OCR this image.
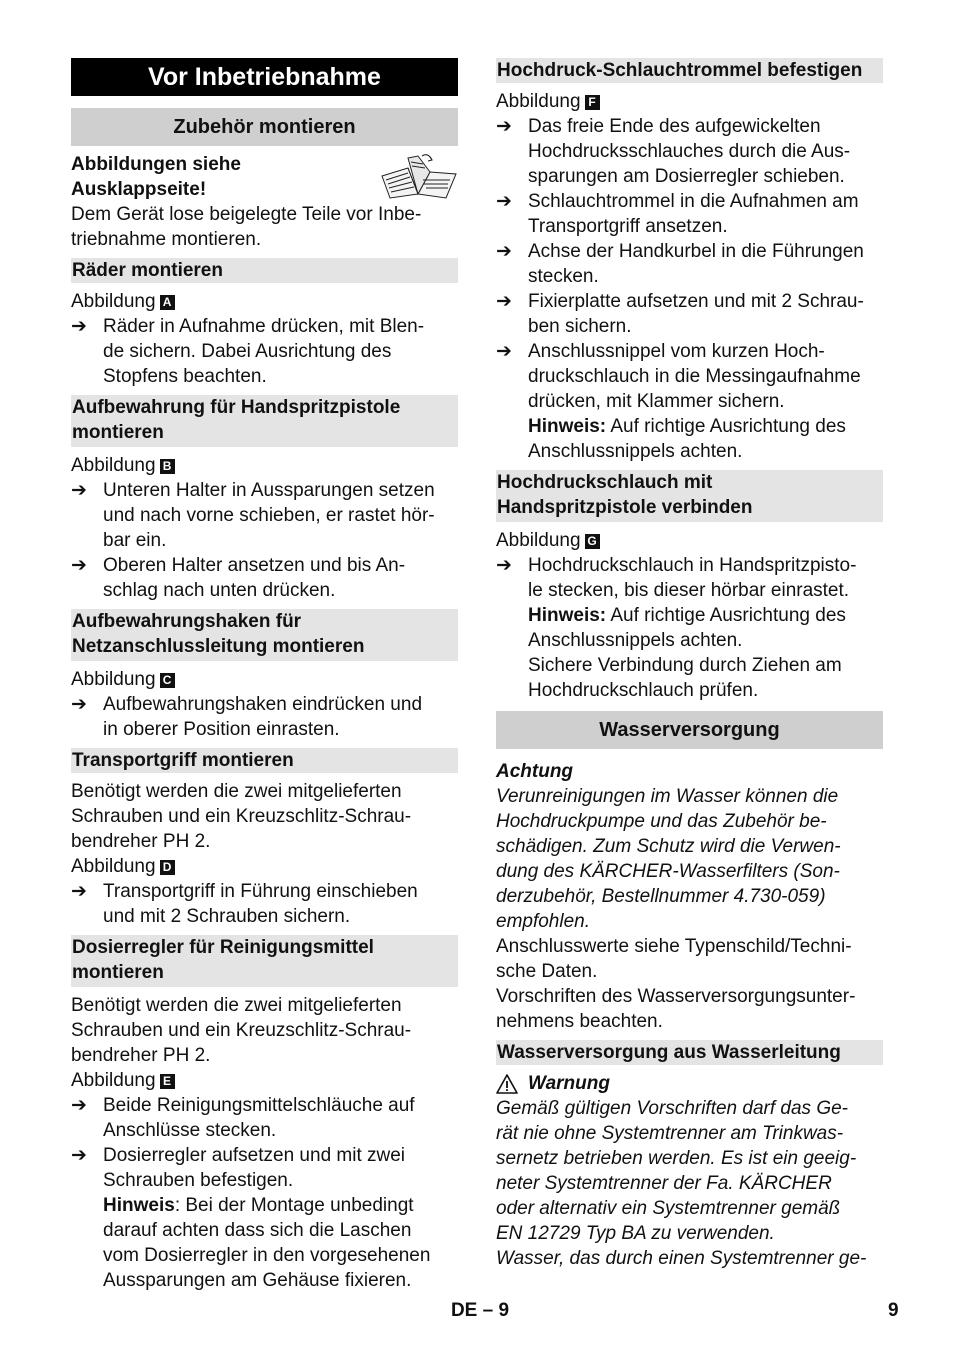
Vor Inbetriebnahme
Zubehör montieren

Abbildungen siehe

Ausklappseite!

Dem Gerät lose beigelegte Teile vor Inbe-

triebnahme montieren.

Räder montieren

Abbildung A

➔ Räder in Aufnahme drücken, mit Blen-

de sichern. Dabei Ausrichtung des

Stopfens beachten.

Aufbewahrung für Handspritzpistole

montieren

Abbildung B

➔ Unteren Halter in Aussparungen setzen

und nach vorne schieben, er rastet hör-

bar ein.

➔ Oberen Halter ansetzen und bis An-

schlag nach unten drücken.

Aufbewahrungshaken für

Netzanschlussleitung montieren

Abbildung C

➔ Aufbewahrungshaken eindrücken und

in oberer Position einrasten.

Transportgriff montieren

Benötigt werden die zwei mitgelieferten

Schrauben und ein Kreuzschlitz-Schrau-

bendreher PH 2.

Abbildung D

➔ Transportgriff in Führung einschieben

und mit 2 Schrauben sichern.

Dosierregler für Reinigungsmittel

montieren

Benötigt werden die zwei mitgelieferten

Schrauben und ein Kreuzschlitz-Schrau-

bendreher PH 2.

Abbildung E

➔ Beide Reinigungsmittelschläuche auf

Anschlüsse stecken.

➔ Dosierregler aufsetzen und mit zwei

Schrauben befestigen.

Hinweis: Bei der Montage unbedingt

darauf achten dass sich die Laschen

vom Dosierregler in den vorgesehenen

Aussparungen am Gehäuse fixieren.

Hochdruck-Schlauchtrommel befestigen

Abbildung F

➔ Das freie Ende des aufgewickelten

Hochdrucksschlauches durch die Aus-

sparungen am Dosierregler schieben.

➔ Schlauchtrommel in die Aufnahmen am

Transportgriff ansetzen.

➔ Achse der Handkurbel in die Führungen

stecken.

➔ Fixierplatte aufsetzen und mit 2 Schrau-

ben sichern.

➔ Anschlussnippel vom kurzen Hoch-

druckschlauch in die Messingaufnahme

drücken, mit Klammer sichern.

Hinweis: Auf richtige Ausrichtung des

Anschlussnippels achten.

Hochdruckschlauch mit

Handspritzpistole verbinden

Abbildung G

➔ Hochdruckschlauch in Handspritzpisto-

le stecken, bis dieser hörbar einrastet.

Hinweis: Auf richtige Ausrichtung des

Anschlussnippels achten.

Sichere Verbindung durch Ziehen am

Hochdruckschlauch prüfen.

Wasserversorgung

Achtung

Verunreinigungen im Wasser können die

Hochdruckpumpe und das Zubehör be-

schädigen. Zum Schutz wird die Verwen-

dung des KÄRCHER-Wasserfilters (Son-

derzubehör, Bestellnummer 4.730-059)

empfohlen.

Anschlusswerte siehe Typenschild/Techni-

sche Daten.

Vorschriften des Wasserversorgungsunter-

nehmens beachten.

Wasserversorgung aus Wasserleitung
Warnung

Gemäß gültigen Vorschriften darf das Ge-

rät nie ohne Systemtrenner am Trinkwas-

sernetz betrieben werden. Es ist ein geeig-

neter Systemtrenner der Fa. KÄRCHER

oder alternativ ein Systemtrenner gemäß

EN 12729 Typ BA zu verwenden.

Wasser, das durch einen Systemtrenner ge-

DE – 9	9
